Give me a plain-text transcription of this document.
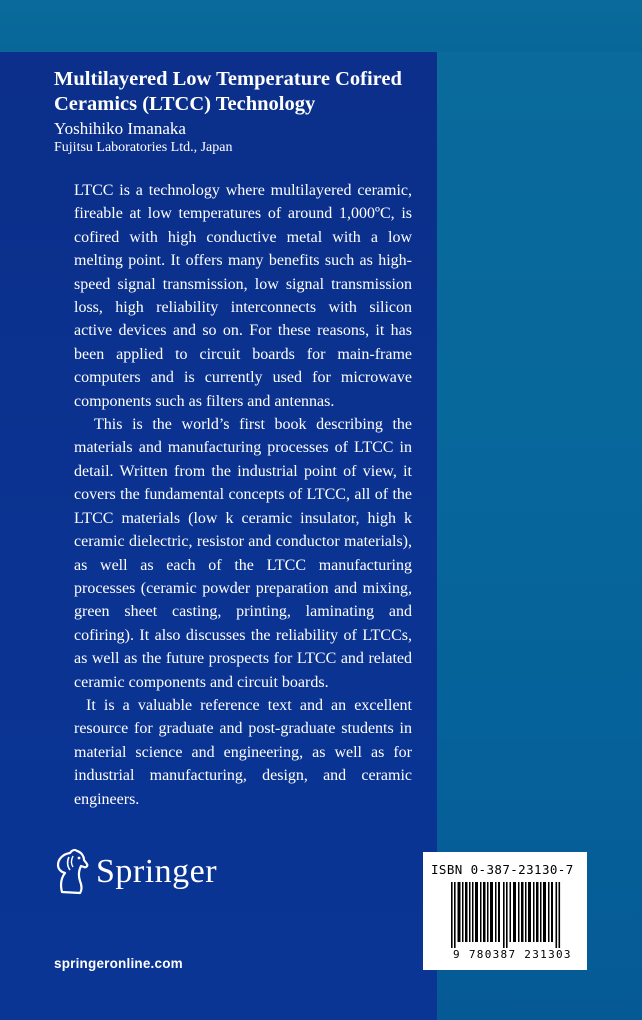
Multilayered Low Temperature Cofired
Ceramics (LTCC) Technology
Yoshihiko Imanaka
Fujitsu Laboratories Ltd., Japan

LTCC is a technology where multilayered ceramic, fireable at low temperatures of around 1,000ºC, is cofired with high conductive metal with a low melting point. It offers many benefits such as high-speed signal transmission, low signal transmission loss, high reliability interconnects with silicon active devices and so on. For these reasons, it has been applied to circuit boards for main-frame computers and is currently used for microwave components such as filters and antennas.

This is the world’s first book describing the materials and manufacturing processes of LTCC in detail. Written from the industrial point of view, it covers the fundamental concepts of LTCC, all of the LTCC materials (low k ceramic insulator, high k ceramic dielectric, resistor and conductor materials), as well as each of the LTCC manufacturing processes (ceramic powder preparation and mixing, green sheet casting, printing, laminating and cofiring). It also discusses the reliability of LTCCs, as well as the future prospects for LTCC and related ceramic components and circuit boards.

It is a valuable reference text and an excellent resource for graduate and post-graduate students in material science and engineering, as well as for industrial manufacturing, design, and ceramic engineers.

Springer
springeronline.com
ISBN 0-387-23130-7
9 780387 231303
